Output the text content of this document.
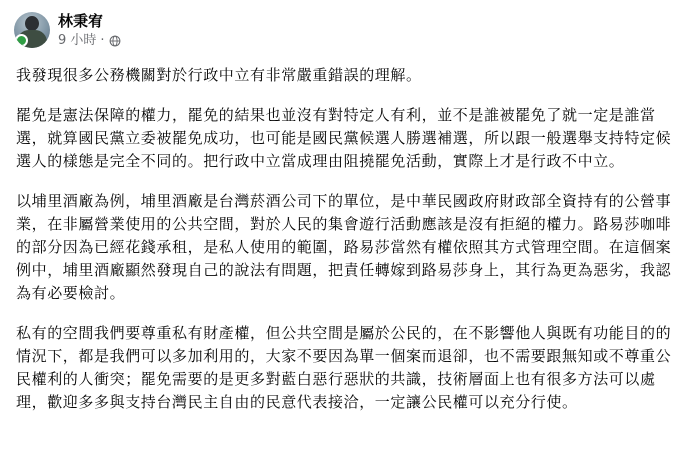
林秉宥
9 小時 ·

我發現很多公務機關對於行政中立有非常嚴重錯誤的理解。

罷免是憲法保障的權力，罷免的結果也並沒有對特定人有利，並不是誰被罷免了就一定是誰當選，就算國民黨立委被罷免成功，也可能是國民黨候選人勝選補選，所以跟一般選舉支持特定候選人的樣態是完全不同的。把行政中立當成理由阻撓罷免活動，實際上才是行政不中立。

以埔里酒廠為例，埔里酒廠是台灣菸酒公司下的單位，是中華民國政府財政部全資持有的公營事業，在非屬營業使用的公共空間，對於人民的集會遊行活動應該是沒有拒絕的權力。路易莎咖啡的部分因為已經花錢承租，是私人使用的範圍，路易莎當然有權依照其方式管理空間。在這個案例中，埔里酒廠顯然發現自己的說法有問題，把責任轉嫁到路易莎身上，其行為更為惡劣，我認為有必要檢討。

私有的空間我們要尊重私有財產權，但公共空間是屬於公民的，在不影響他人與既有功能目的的情況下，都是我們可以多加利用的，大家不要因為單一個案而退卻，也不需要跟無知或不尊重公民權利的人衝突；罷免需要的是更多對藍白惡行惡狀的共識，技術層面上也有很多方法可以處理，歡迎多多與支持台灣民主自由的民意代表接洽，一定讓公民權可以充分行使。
